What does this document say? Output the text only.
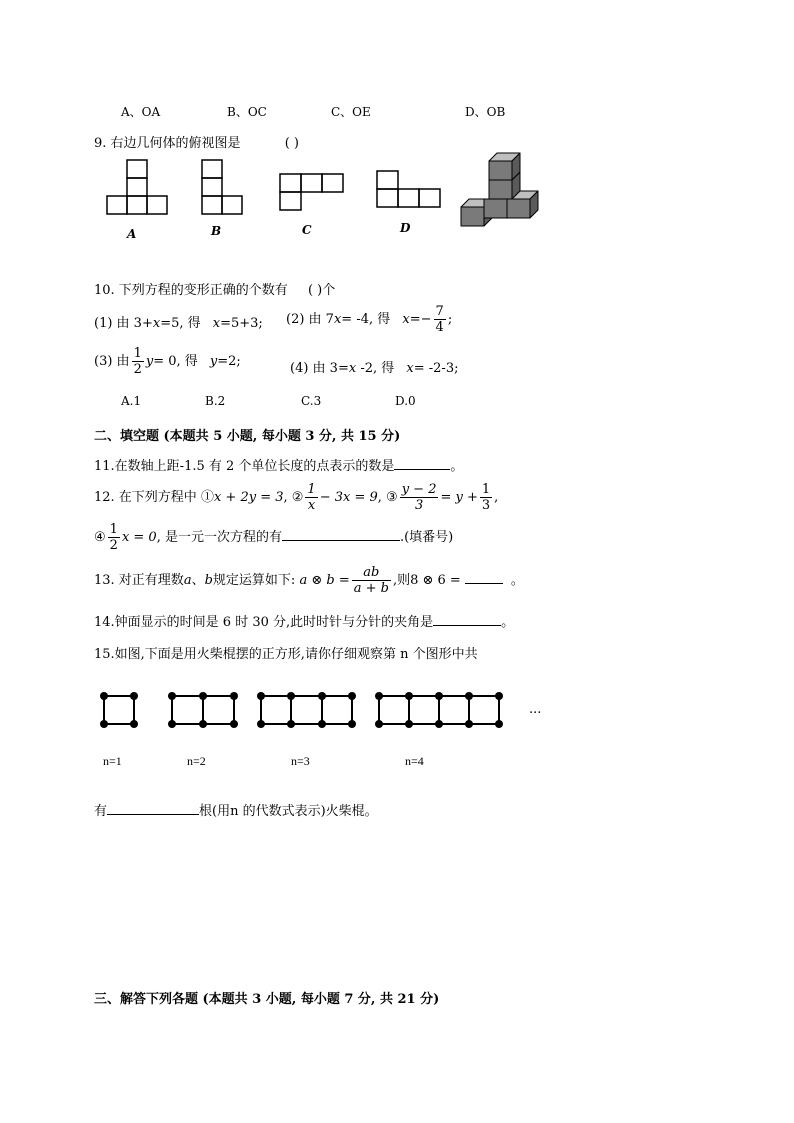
A、OA	B、OC	C、OE	D、OB
9. 右边几何体的俯视图是	( )
A	B	C	D
10. 下列方程的变形正确的个数有 ( )个
(1) 由 3+x=5, 得 x=5+3; (2) 由 7x= -4, 得 $x=- \frac{7}{4}$ ;
(3) 由 $\frac{1}{2} y= 0$, 得 y=2;	(4) 由 3=x -2, 得 x= -2-3;
A.1	B.2	C.3	D.0
二、填空题 (本题共 5 小题, 每小题 3 分, 共 15 分)
11.在数轴上距-1.5 有 2 个单位长度的点表示的数是	。
12. 在下列方程中 ①x + 2y = 3, ② $\frac{1}{x} - 3x = 9$, ③ $\frac{y - 2}{3} = y + \frac{1}{3}$ ,
④ $\frac{1}{2}$ x = 0, 是一元一次方程的有	.(填番号)
13. 对正有理数a、b规定运算如下: a ⊗ $b = \frac{ab}{a + b}$ ,则8 ⊗ 6 =	。
14.钟面显示的时间是 6 时 30 分,此时时针与分针的夹角是	。
15.如图,下面是用火柴棍摆的正方形,请你仔细观察第 n 个图形中共
...
n=1	n=2	n=3	n=4
有	根(用n 的代数式表示)火柴棍。
三、解答下列各题 (本题共 3 小题, 每小题 7 分, 共 21 分)
